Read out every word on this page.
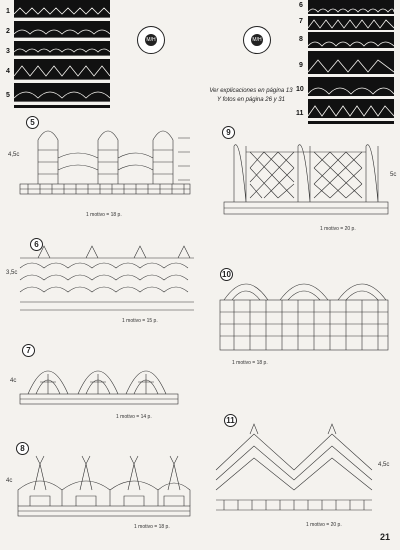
1
2
3
4
5
6
7
8
9
10
11
M/H	M/H
Ver explicaciones en página 13
Y fotos en página 26 y 31
5
4,5c
1 motivo = 18 p.
9
5c
1 motivo = 20 p.
6
3,5c
1 motivo = 15 p.
10
1 motivo = 18 p.
7
4c
1 motivo = 14 p.	11
4,5c
1 motivo = 20 p.
8
4c
1 motivo = 18 p.
21
